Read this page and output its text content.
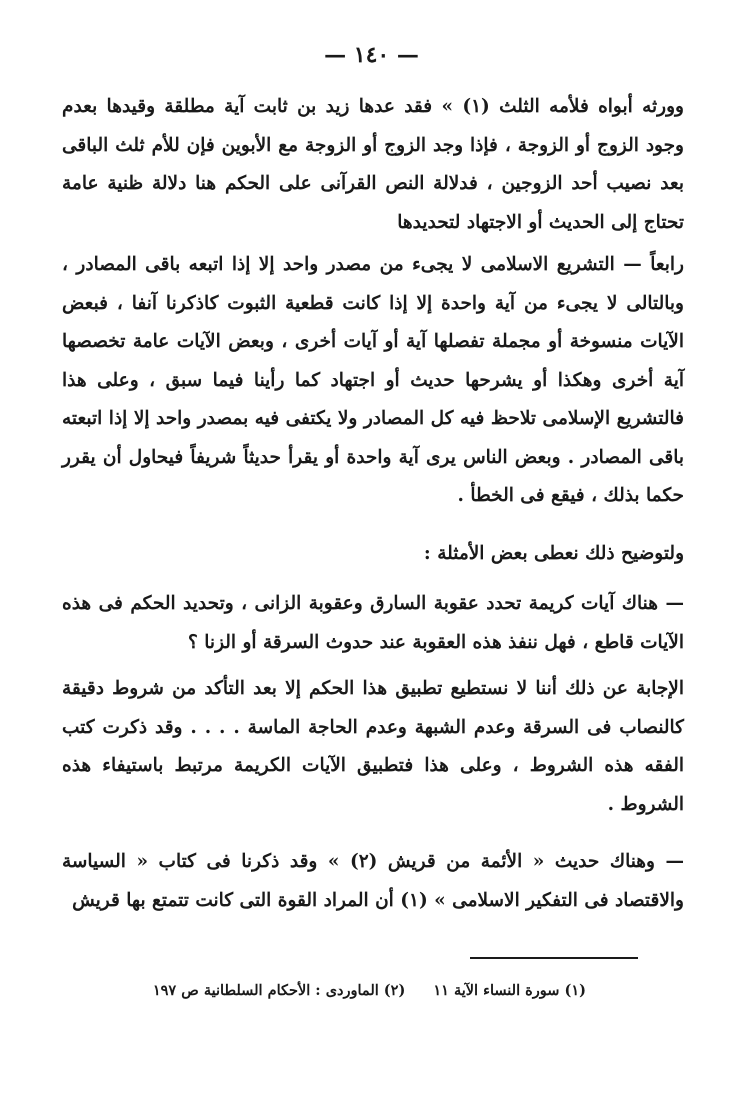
— ١٤٠ —

وورثه أبواه فلأمه الثلث (١) » فقد عدها زيد بن ثابت آية مطلقة وقيدها بعدم وجود الزوج أو الزوجة ، فإذا وجد الزوج أو الزوجة مع الأبوين فإن للأم ثلث الباقى بعد نصيب أحد الزوجين ، فدلالة النص القرآنى على الحكم هنا دلالة ظنية عامة تحتاج إلى الحديث أو الاجتهاد لتحديدها

رابعاً — التشريع الاسلامى لا يجىء من مصدر واحد إلا إذا اتبعه باقى المصادر ، وبالتالى لا يجىء من آية واحدة إلا إذا كانت قطعية الثبوت كاذكرنا آنفا ، فبعض الآيات منسوخة أو مجملة تفصلها آية أو آيات أخرى ، وبعض الآيات عامة تخصصها آية أخرى وهكذا أو يشرحها حديث أو اجتهاد كما رأينا فيما سبق ، وعلى هذا فالتشريع الإسلامى تلاحظ فيه كل المصادر ولا يكتفى فيه بمصدر واحد إلا إذا اتبعته باقى المصادر . وبعض الناس يرى آية واحدة أو يقرأ حديثاً شريفاً فيحاول أن يقرر حكما بذلك ، فيقع فى الخطأ .

ولتوضيح ذلك نعطى بعض الأمثلة :

— هناك آيات كريمة تحدد عقوبة السارق وعقوبة الزانى ، وتحديد الحكم فى هذه الآيات قاطع ، فهل ننفذ هذه العقوبة عند حدوث السرقة أو الزنا ؟

الإجابة عن ذلك أننا لا نستطيع تطبيق هذا الحكم إلا بعد التأكد من شروط دقيقة كالنصاب فى السرقة وعدم الشبهة وعدم الحاجة الماسة . . . . وقد ذكرت كتب الفقه هذه الشروط ، وعلى هذا فتطبيق الآيات الكريمة مرتبط باستيفاء هذه الشروط .

— وهناك حديث « الأئمة من قريش (٢) » وقد ذكرنا فى كتاب « السياسة والاقتصاد فى التفكير الاسلامى » (١) أن المراد القوة التى كانت تتمتع بها قريش

(١) سورة النساء الآية ١١(٢) الماوردى : الأحكام السلطانية ص ١٩٧
